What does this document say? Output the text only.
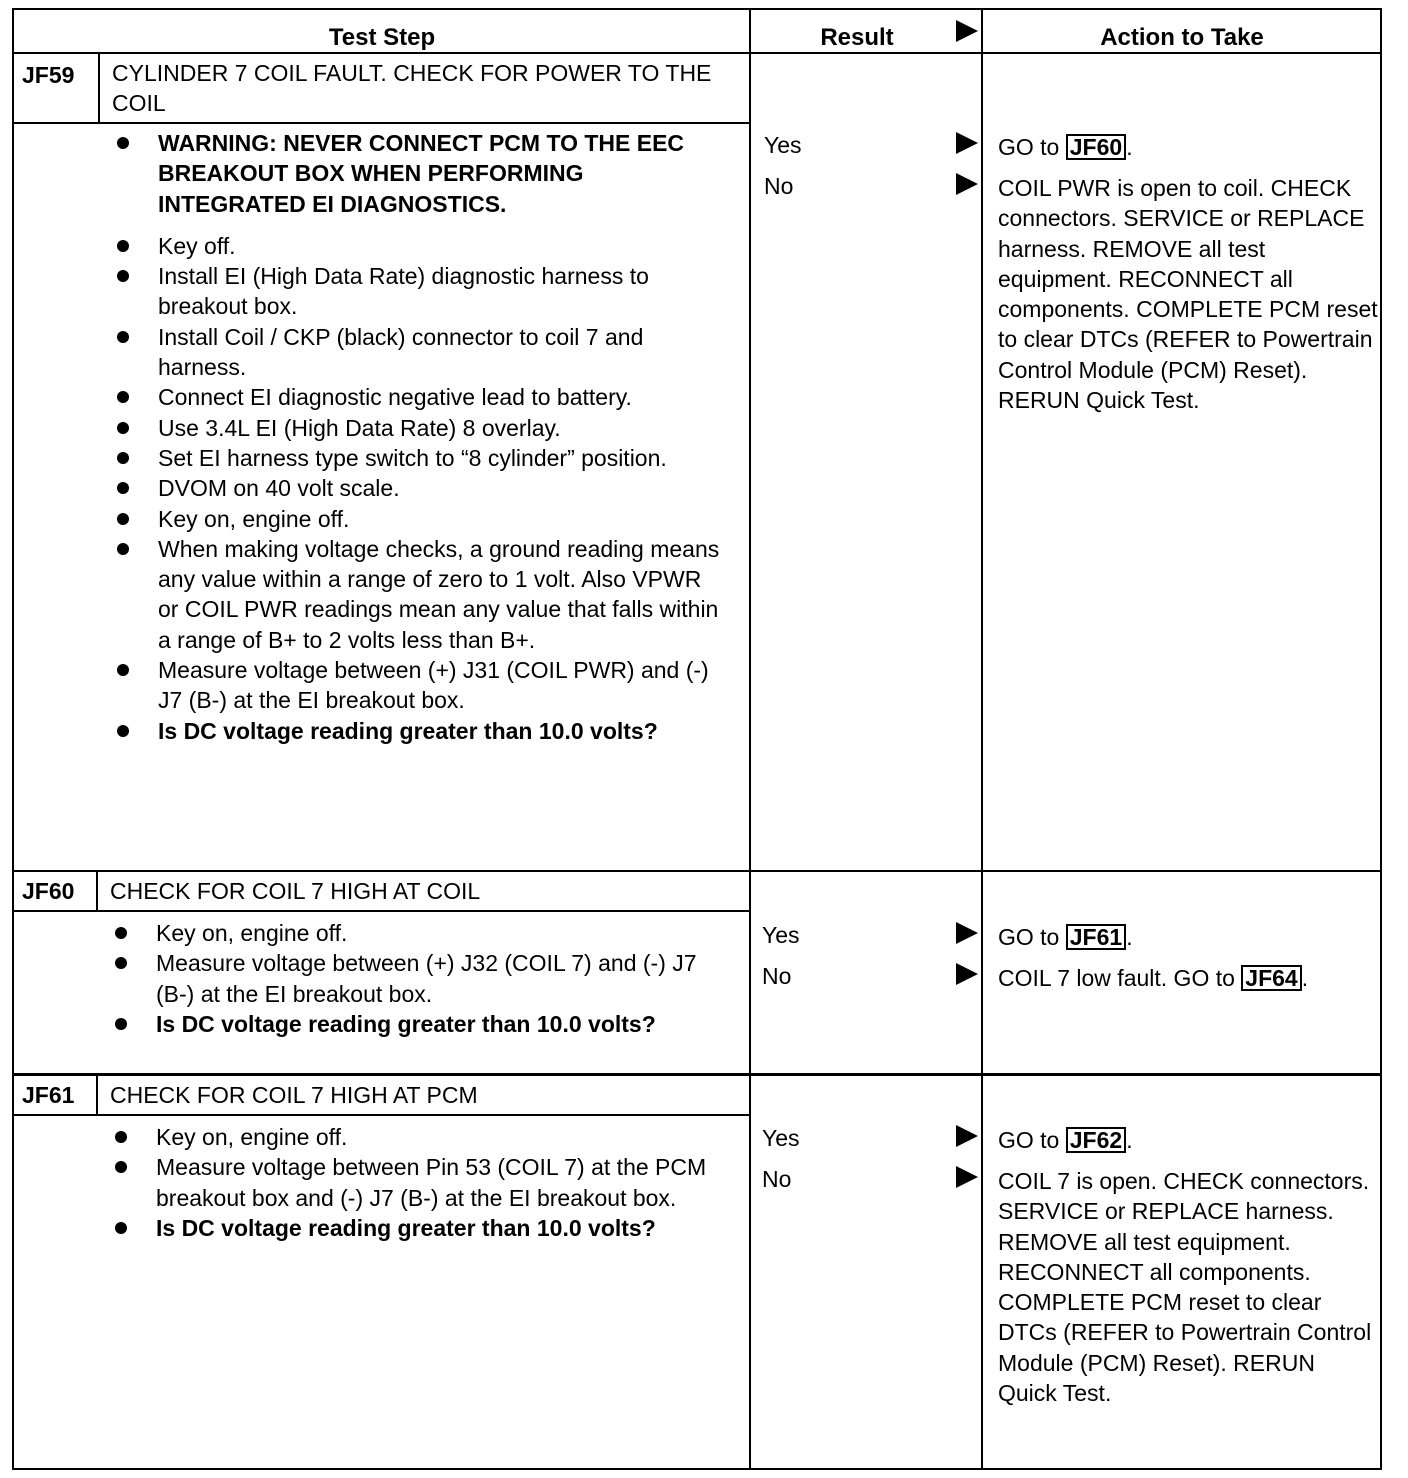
Test Step	Result	Action to Take
JF59 CYLINDER 7 COIL FAULT. CHECK FOR POWER TO THE COIL
WARNING: NEVER CONNECT PCM TO THE EEC BREAKOUT BOX WHEN PERFORMING INTEGRATED EI DIAGNOSTICS.
Key off.
Install EI (High Data Rate) diagnostic harness to breakout box.
Install Coil / CKP (black) connector to coil 7 and harness.
Connect EI diagnostic negative lead to battery.
Use 3.4L EI (High Data Rate) 8 overlay.
Set EI harness type switch to “8 cylinder” position.
DVOM on 40 volt scale.
Key on, engine off.
When making voltage checks, a ground reading means any value within a range of zero to 1 volt. Also VPWR or COIL PWR readings mean any value that falls within a range of B+ to 2 volts less than B+.
Measure voltage between (+) J31 (COIL PWR) and (-) J7 (B-) at the EI breakout box.
Is DC voltage reading greater than 10.0 volts?
Yes
No
GO to JF60 .
COIL PWR is open to coil. CHECK connectors. SERVICE or REPLACE harness. REMOVE all test equipment. RECONNECT all components. COMPLETE PCM reset to clear DTCs (REFER to Powertrain Control Module (PCM) Reset). RERUN Quick Test.
JF60 CHECK FOR COIL 7 HIGH AT COIL
Key on, engine off.
Measure voltage between (+) J32 (COIL 7) and (-) J7 (B-) at the EI breakout box.
Is DC voltage reading greater than 10.0 volts?
Yes
No
GO to JF61 .
COIL 7 low fault. GO to JF64 .
JF61 CHECK FOR COIL 7 HIGH AT PCM
Key on, engine off.
Measure voltage between Pin 53 (COIL 7) at the PCM breakout box and (-) J7 (B-) at the EI breakout box.
Is DC voltage reading greater than 10.0 volts?
Yes
No
GO to JF62 .
COIL 7 is open. CHECK connectors. SERVICE or REPLACE harness. REMOVE all test equipment. RECONNECT all components. COMPLETE PCM reset to clear DTCs (REFER to Powertrain Control Module (PCM) Reset). RERUN Quick Test.
